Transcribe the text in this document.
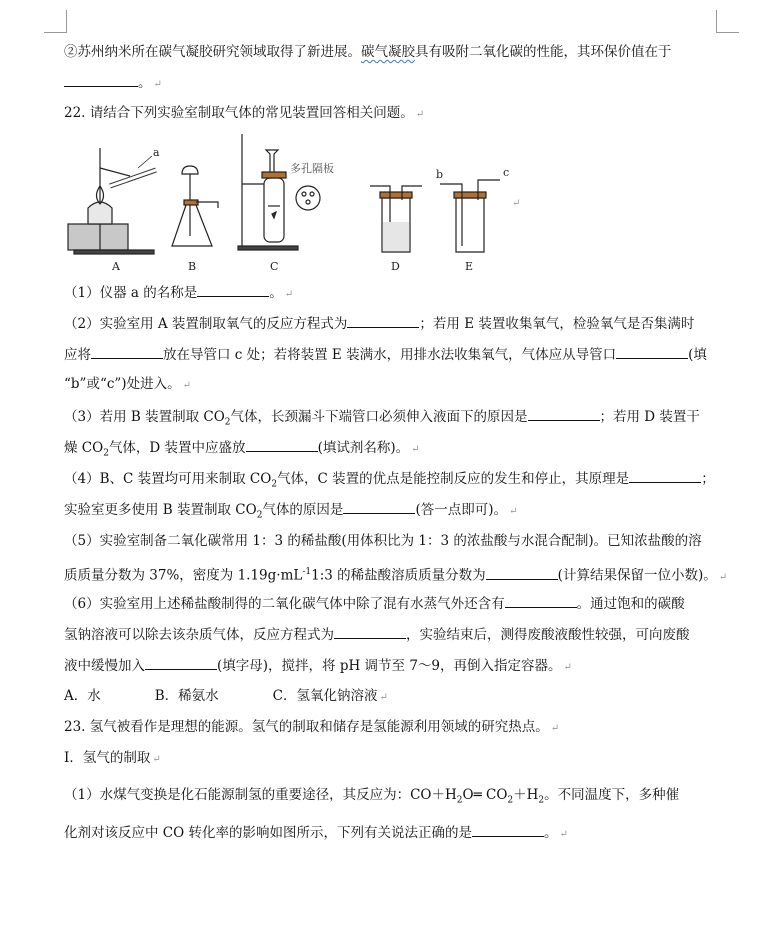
②苏州纳米所在碳气凝胶研究领域取得了新进展。碳气凝胶具有吸附二氧化碳的性能，其环保价值在于
。 ↵
22. 请结合下列实验室制取气体的常见装置回答相关问题。 ↵
（1）仪器 a 的名称是	。 ↵
（2）实验室用 A 装置制取氧气的反应方程式为	；若用 E 装置收集氧气，检验氧气是否集满时
应将	放在导管口 c 处；若将装置 E 装满水，用排水法收集氧气，气体应从导管口	(填
“b”或“c”)处进入。 ↵
（3）若用 B 装置制取 $CO_2$气体，长颈漏斗下端管口必须伸入液面下的原因是	；若用 D 装置干
燥 $CO_2$气体，D 装置中应盛放	(填试剂名称)。 ↵
（4）B、C 装置均可用来制取 $CO_2$气体，C 装置的优点是能控制反应的发生和停止，其原理是	；
实验室更多使用 B 装置制取 $CO_2$气体的原因是	(答一点即可)。 ↵
（5）实验室制备二氧化碳常用 1：3 的稀盐酸(用体积比为 1：3 的浓盐酸与水混合配制)。已知浓盐酸的溶
质质量分数为 37%，密度为 $1.19g\cdot mL^{-1}1:3$ 的稀盐酸溶质质量分数为	(计算结果保留一位小数)。 ↵
（6）实验室用上述稀盐酸制得的二氧化碳气体中除了混有水蒸气外还含有	。通过饱和的碳酸
氢钠溶液可以除去该杂质气体，反应方程式为	，实验结束后，测得废酸液酸性较强，可向废酸
液中缓慢加入	(填字母)，搅拌，将 pH 调节至 7～9，再倒入指定容器。 ↵
A．水　　　　B．稀氨水　　　　C．氢氧化钠溶液 ↵
23. 氢气被看作是理想的能源。氢气的制取和储存是氢能源利用领域的研究热点。 ↵
Ⅰ．氢气的制取 ↵
（1）水煤气变换是化石能源制氢的重要途径，其反应为：$CO+H_2O═$ $CO_2+H_2$。不同温度下，多种催
化剂对该反应中 CO 转化率的影响如图所示，下列有关说法正确的是	。 ↵
a
A	B
多孔隔板
C	D
b	c
E
↵
